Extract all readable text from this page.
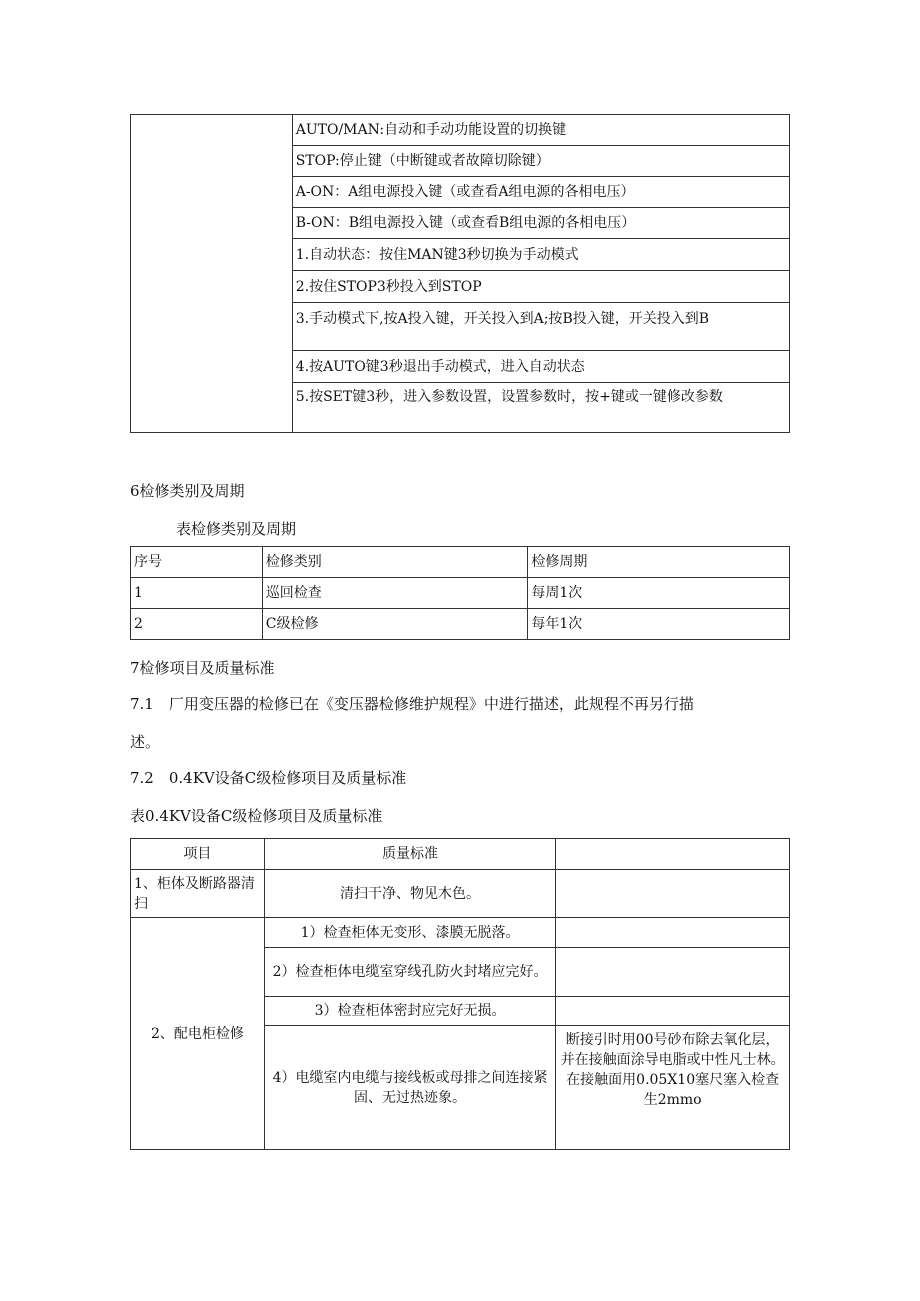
	AUTO/MAN:自动和手动功能设置的切换键
STOP:停止键（中断键或者故障切除键）
A-ON：A组电源投入键（或查看A组电源的各相电压）
B-ON：B组电源投入键（或查看B组电源的各相电压）
1.自动状态：按住MAN键3秒切换为手动模式
2.按住STOP3秒投入到STOP
3.手动模式下,按A投入键，开关投入到A;按B投入键，开关投入到B
4.按AUTO键3秒退出手动模式，进入自动状态
5.按SET键3秒，进入参数设置，设置参数时，按+键或一键修改参数
6检修类别及周期
表检修类别及周期
序号	检修类别	检修周期
1	巡回检查	每周1次
2	C级检修	每年1次
7检修项目及质量标准
7.1　厂用变压器的检修已在《变压器检修维护规程》中进行描述，此规程不再另行描
述。
7.2　0.4KV设备C级检修项目及质量标准
表0.4KV设备C级检修项目及质量标准
项目	质量标准	
1、柜体及断路器清扫	清扫干净、物见木色。	
2、配电柜检修	1）检查柜体无变形、漆膜无脱落。	
	2）检查柜体电缆室穿线孔防火封堵应完好。	
	3）检查柜体密封应完好无损。	
	4）电缆室内电缆与接线板或母排之间连接紧固、无过热迹象。	断接引时用00号砂布除去氧化层，并在接触面涂导电脂或中性凡士林。在接触面用0.05X10塞尺塞入检查生2mmo
